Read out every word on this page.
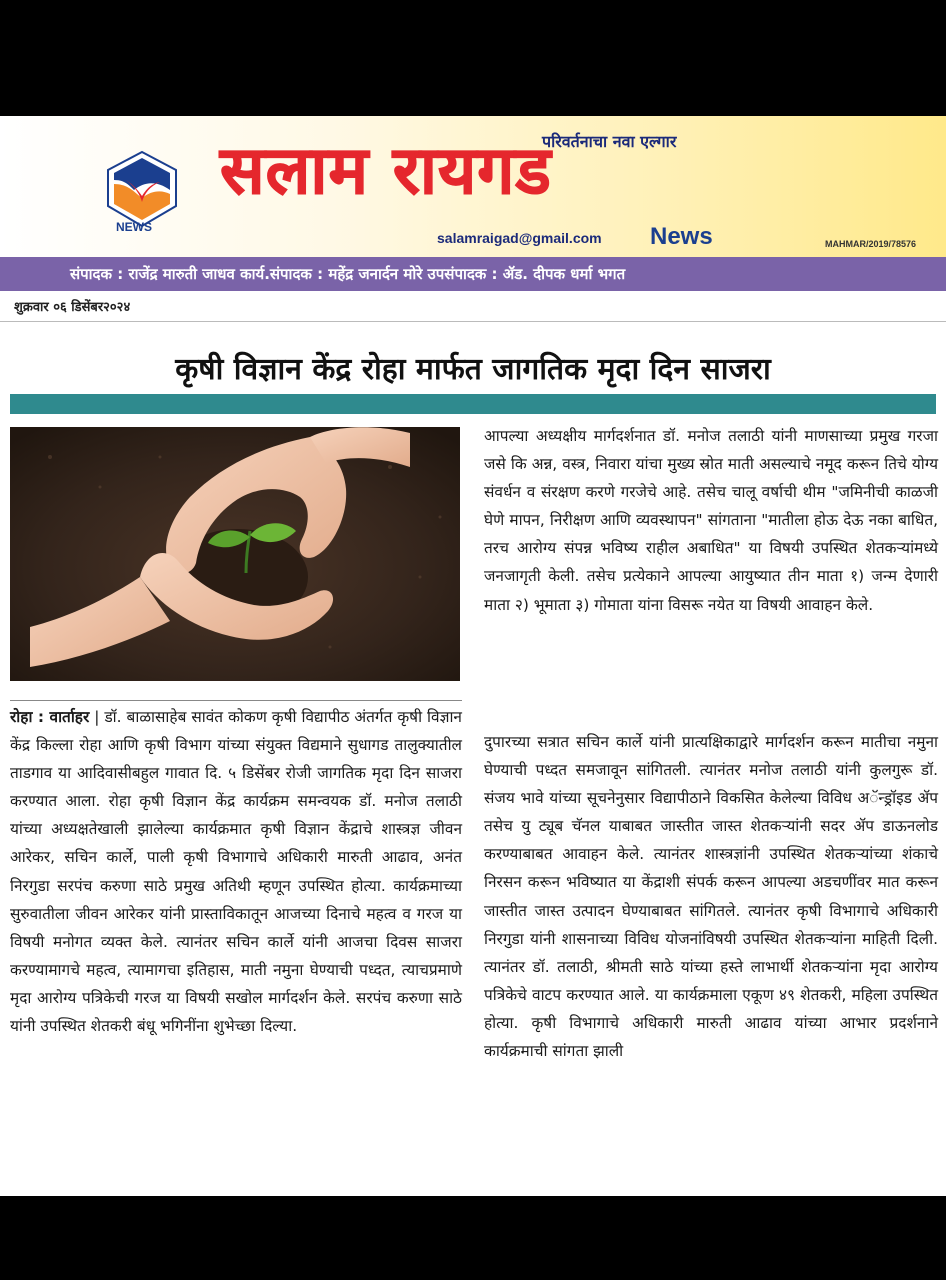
NEWS
परिवर्तनाचा नवा एल्गार
सलाम रायगड
salamraigad@gmail.com News	MAHMAR/2019/78576
संपादक : राजेंद्र मारुती जाधव कार्य.संपादक : महेंद्र जनार्दन मोरे उपसंपादक : ॲड. दीपक धर्मा भगत
शुक्रवार ०६ डिसेंबर२०२४
कृषी विज्ञान केंद्र रोहा मार्फत जागतिक मृदा दिन साजरा

रोहा : वार्ताहर | डॉ. बाळासाहेब सावंत कोकण कृषी विद्यापीठ अंतर्गत कृषी विज्ञान केंद्र किल्ला रोहा आणि कृषी विभाग यांच्या संयुक्त विद्यमाने सुधागड तालुक्यातील ताडगाव या आदिवासीबहुल गावात दि. ५ डिसेंबर रोजी जागतिक मृदा दिन साजरा करण्यात आला. रोहा कृषी विज्ञान केंद्र कार्यक्रम समन्वयक डॉ. मनोज तलाठी यांच्या अध्यक्षतेखाली झालेल्या कार्यक्रमात कृषी विज्ञान केंद्राचे शास्त्रज्ञ जीवन आरेकर, सचिन कार्ले, पाली कृषी विभागाचे अधिकारी मारुती आढाव, अनंत निरगुडा सरपंच करुणा साठे प्रमुख अतिथी म्हणून उपस्थित होत्या. कार्यक्रमाच्या सुरुवातीला जीवन आरेकर यांनी प्रास्ताविकातून आजच्या दिनाचे महत्व व गरज या विषयी मनोगत व्यक्त केले. त्यानंतर सचिन कार्ले यांनी आजचा दिवस साजरा करण्यामागचे महत्व, त्यामागचा इतिहास, माती नमुना घेण्याची पध्दत, त्याचप्रमाणे मृदा आरोग्य पत्रिकेची गरज या विषयी सखोल मार्गदर्शन केले. सरपंच करुणा साठे यांनी उपस्थित शेतकरी बंधू भगिनींना शुभेच्छा दिल्या.

आपल्या अध्यक्षीय मार्गदर्शनात डॉ. मनोज तलाठी यांनी माणसाच्या प्रमुख गरजा जसे कि अन्न, वस्त्र, निवारा यांचा मुख्य स्रोत माती असल्याचे नमूद करून तिचे योग्य संवर्धन व संरक्षण करणे गरजेचे आहे. तसेच चालू वर्षाची थीम "जमिनीची काळजी घेणे मापन, निरीक्षण आणि व्यवस्थापन" सांगताना "मातीला होऊ देऊ नका बाधित, तरच आरोग्य संपन्न भविष्य राहील अबाधित" या विषयी उपस्थित शेतकऱ्यांमध्ये जनजागृती केली. तसेच प्रत्येकाने आपल्या आयुष्यात तीन माता १) जन्म देणारी माता २) भूमाता ३) गोमाता यांना विसरू नयेत या विषयी आवाहन केले.

दुपारच्या सत्रात सचिन कार्ले यांनी प्रात्यक्षिकाद्वारे मार्गदर्शन करून मातीचा नमुना घेण्याची पध्दत समजावून सांगितली. त्यानंतर मनोज तलाठी यांनी कुलगुरू डॉ. संजय भावे यांच्या सूचनेनुसार विद्यापीठाने विकसित केलेल्या विविध अॅन्ड्रॉइड ॲप तसेच यु ट्यूब चॅनल याबाबत जास्तीत जास्त शेतकऱ्यांनी सदर ॲप डाऊनलोड करण्याबाबत आवाहन केले. त्यानंतर शास्त्रज्ञांनी उपस्थित शेतकऱ्यांच्या शंकाचे निरसन करून भविष्यात या केंद्राशी संपर्क करून आपल्या अडचणींवर मात करून जास्तीत जास्त उत्पादन घेण्याबाबत सांगितले. त्यानंतर कृषी विभागाचे अधिकारी निरगुडा यांनी शासनाच्या विविध योजनांविषयी उपस्थित शेतकऱ्यांना माहिती दिली. त्यानंतर डॉ. तलाठी, श्रीमती साठे यांच्या हस्ते लाभार्थी शेतकऱ्यांना मृदा आरोग्य पत्रिकेचे वाटप करण्यात आले. या कार्यक्रमाला एकूण ४९ शेतकरी, महिला उपस्थित होत्या. कृषी विभागाचे अधिकारी मारुती आढाव यांच्या आभार प्रदर्शनाने कार्यक्रमाची सांगता झाली
